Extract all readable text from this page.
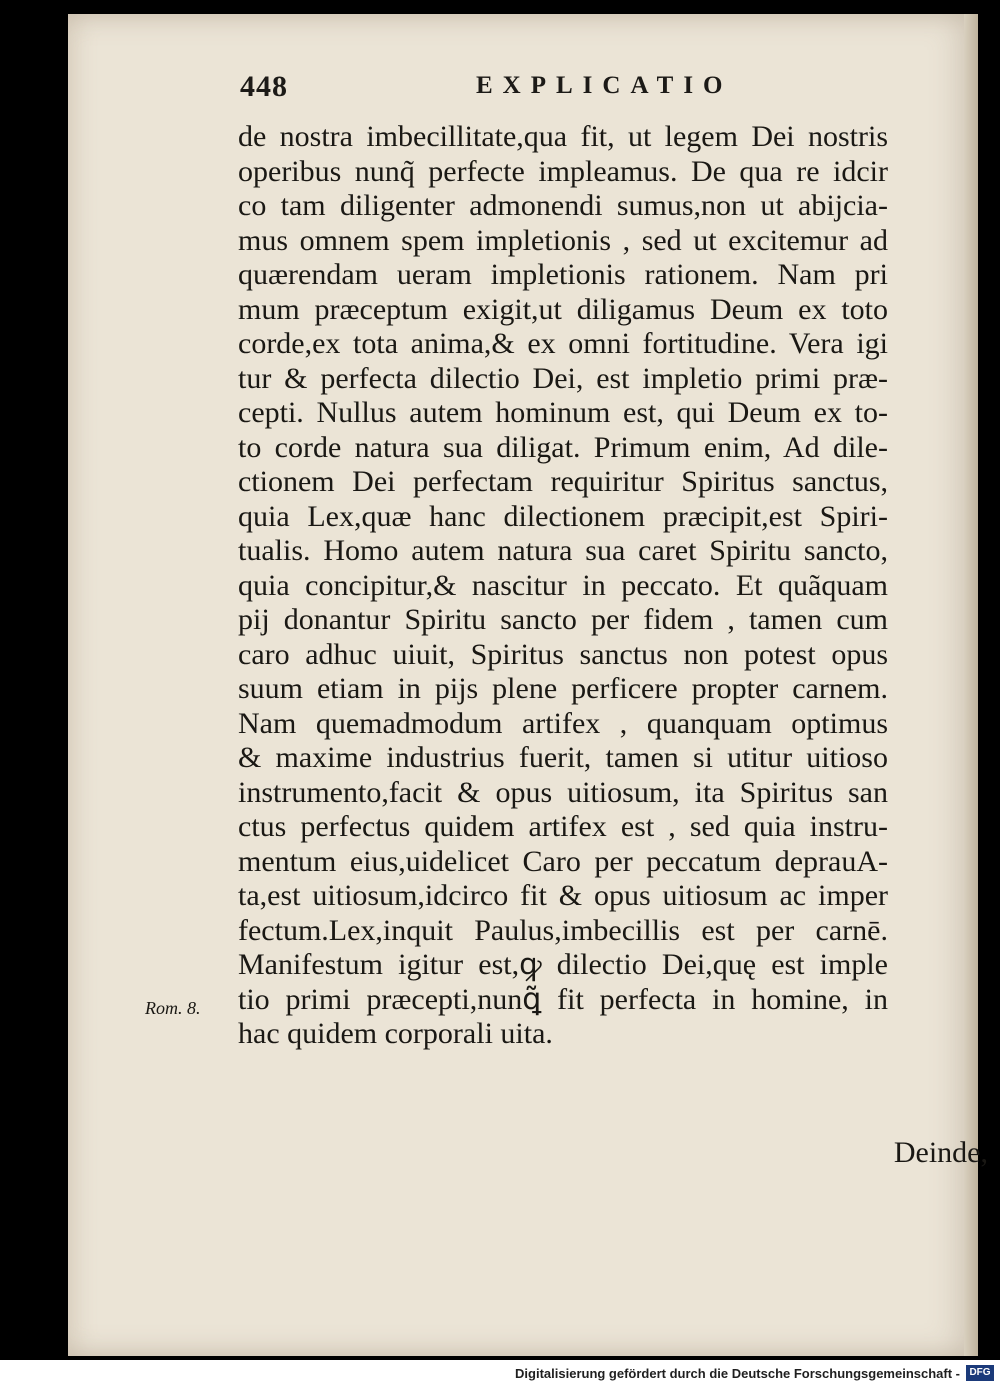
448	EXPLICATIO
Rom. 8.
de nostra imbecillitate,qua fit, ut legem Dei nostris
operibus nunq̃ perfecte impleamus. De qua re idcir
co tam diligenter admonendi sumus,non ut abijcia-
mus omnem spem impletionis , sed ut excitemur ad
quærendam ueram impletionis rationem. Nam pri
mum præceptum exigit,ut diligamus Deum ex toto
corde,ex tota anima,& ex omni fortitudine. Vera igi
tur & perfecta dilectio Dei, est impletio primi præ-
cepti. Nullus autem hominum est, qui Deum ex to-
to corde natura sua diligat. Primum enim, Ad dile-
ctionem Dei perfectam requiritur Spiritus sanctus,
quia Lex,quæ hanc dilectionem præcipit,est Spiri-
tualis. Homo autem natura sua caret Spiritu sancto,
quia concipitur,& nascitur in peccato. Et quãquam
pij donantur Spiritu sancto per fidem , tamen cum
caro adhuc uiuit, Spiritus sanctus non potest opus
suum etiam in pijs plene perficere propter carnem.
Nam quemadmodum artifex , quanquam optimus
& maxime industrius fuerit, tamen si utitur uitioso
instrumento,facit & opus uitiosum, ita Spiritus san
ctus perfectus quidem artifex est , sed quia instru-
mentum eius,uidelicet Caro per peccatum deprauA-
ta,est uitiosum,idcirco fit & opus uitiosum ac imper
fectum.Lex,inquit Paulus,imbecillis est per carnē.
Manifestum igitur est,ꝙ dilectio Dei,quę est imple
tio primi præcepti,nunꝗ̃ fit perfecta in homine, in
hac quidem corporali uita.
Deinde,
Digitalisierung gefördert durch die Deutsche Forschungsgemeinschaft - DFG
